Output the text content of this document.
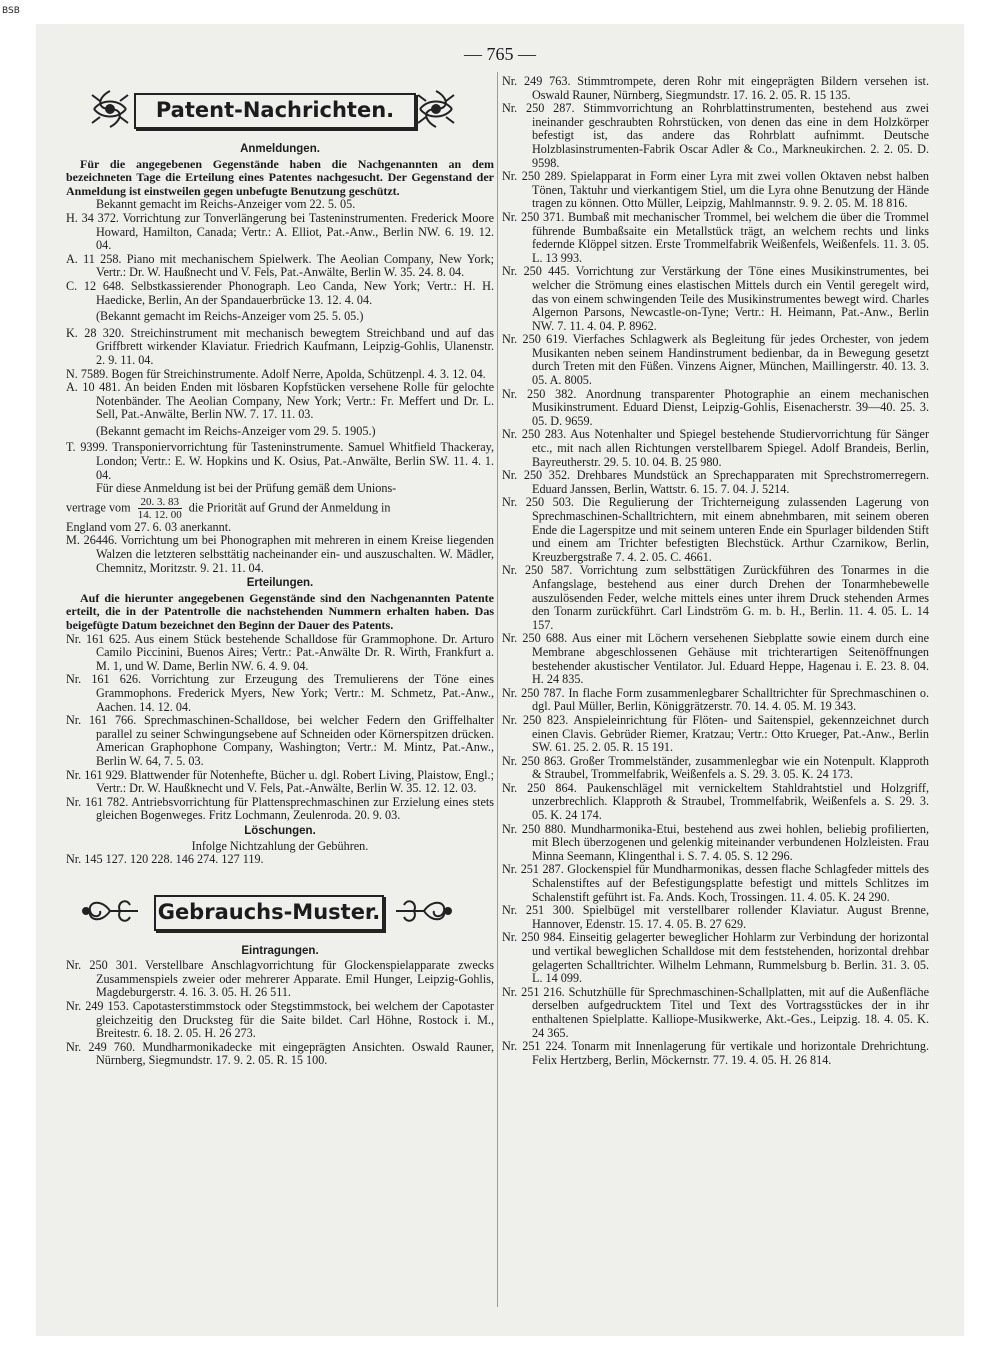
BSB
— 765 —
Patent-Nachrichten.

Anmeldungen.

Für die angegebenen Gegenstände haben die Nachgenannten an dem bezeichneten Tage die Erteilung eines Patentes nachgesucht. Der Gegenstand der Anmeldung ist einstweilen gegen unbefugte Benutzung geschützt.

Bekannt gemacht im Reichs-Anzeiger vom 22. 5. 05.

H. 34 372. Vorrichtung zur Tonverlängerung bei Tasteninstrumenten. Frederick Moore Howard, Hamilton, Canada; Vertr.: A. Elliot, Pat.-Anw., Berlin NW. 6. 19. 12. 04.

A. 11 258. Piano mit mechanischem Spielwerk. The Aeolian Company, New York; Vertr.: Dr. W. Haußnecht und V. Fels, Pat.-Anwälte, Berlin W. 35. 24. 8. 04.

C. 12 648. Selbstkassierender Phonograph. Leo Canda, New York; Vertr.: H. H. Haedicke, Berlin, An der Spandauerbrücke 13. 12. 4. 04.

(Bekannt gemacht im Reichs-Anzeiger vom 25. 5. 05.)

K. 28 320. Streichinstrument mit mechanisch bewegtem Streichband und auf das Griffbrett wirkender Klaviatur. Friedrich Kaufmann, Leipzig-Gohlis, Ulanenstr. 2. 9. 11. 04.

N. 7589. Bogen für Streichinstrumente. Adolf Nerre, Apolda, Schützenpl. 4. 3. 12. 04.

A. 10 481. An beiden Enden mit lösbaren Kopfstücken versehene Rolle für gelochte Notenbänder. The Aeolian Company, New York; Vertr.: Fr. Meffert und Dr. L. Sell, Pat.-Anwälte, Berlin NW. 7. 17. 11. 03.

(Bekannt gemacht im Reichs-Anzeiger vom 29. 5. 1905.)

T. 9399. Transponiervorrichtung für Tasteninstrumente. Samuel Whitfield Thackeray, London; Vertr.: E. W. Hopkins und K. Osius, Pat.-Anwälte, Berlin SW. 11. 4. 1. 04.

Für diese Anmeldung ist bei der Prüfung gemäß dem Unions-

vertrage vom $\frac{20. 3. 83}{14. 12. 00}$ die Priorität auf Grund der Anmeldung in

England vom 27. 6. 03 anerkannt.

M. 26446. Vorrichtung um bei Phonographen mit mehreren in einem Kreise liegenden Walzen die letzteren selbsttätig nacheinander ein- und auszuschalten. W. Mädler, Chemnitz, Moritzstr. 9. 21. 11. 04.

Erteilungen.

Auf die hierunter angegebenen Gegenstände sind den Nachgenannten Patente erteilt, die in der Patentrolle die nachstehenden Nummern erhalten haben. Das beigefügte Datum bezeichnet den Beginn der Dauer des Patents.

Nr. 161 625. Aus einem Stück bestehende Schalldose für Grammophone. Dr. Arturo Camilo Piccinini, Buenos Aires; Vertr.: Pat.-Anwälte Dr. R. Wirth, Frankfurt a. M. 1, und W. Dame, Berlin NW. 6. 4. 9. 04.

Nr. 161 626. Vorrichtung zur Erzeugung des Tremulierens der Töne eines Grammophons. Frederick Myers, New York; Vertr.: M. Schmetz, Pat.-Anw., Aachen. 14. 12. 04.

Nr. 161 766. Sprechmaschinen-Schalldose, bei welcher Federn den Griffelhalter parallel zu seiner Schwingungsebene auf Schneiden oder Körnerspitzen drücken. American Graphophone Company, Washington; Vertr.: M. Mintz, Pat.-Anw., Berlin W. 64, 7. 5. 03.

Nr. 161 929. Blattwender für Notenhefte, Bücher u. dgl. Robert Living, Plaistow, Engl.; Vertr.: Dr. W. Haußknecht und V. Fels, Pat.-Anwälte, Berlin W. 35. 12. 12. 03.

Nr. 161 782. Antriebsvorrichtung für Plattensprechmaschinen zur Erzielung eines stets gleichen Bogenweges. Fritz Lochmann, Zeulenroda. 20. 9. 03.

Löschungen.

Infolge Nichtzahlung der Gebühren.

Nr. 145 127. 120 228. 146 274. 127 119.

Gebrauchs-Muster.

Eintragungen.

Nr. 250 301. Verstellbare Anschlagvorrichtung für Glockenspielapparate zwecks Zusammenspiels zweier oder mehrerer Apparate. Emil Hunger, Leipzig-Gohlis, Magdeburgerstr. 4. 16. 3. 05. H. 26 511.

Nr. 249 153. Capotasterstimmstock oder Stegstimmstock, bei welchem der Capotaster gleichzeitig den Drucksteg für die Saite bildet. Carl Höhne, Rostock i. M., Breitestr. 6. 18. 2. 05. H. 26 273.

Nr. 249 760. Mundharmonikadecke mit eingeprägten Ansichten. Oswald Rauner, Nürnberg, Siegmundstr. 17. 9. 2. 05. R. 15 100.

Nr. 249 763. Stimmtrompete, deren Rohr mit eingeprägten Bildern versehen ist. Oswald Rauner, Nürnberg, Siegmundstr. 17. 16. 2. 05. R. 15 135.

Nr. 250 287. Stimmvorrichtung an Rohrblattinstrumenten, bestehend aus zwei ineinander geschraubten Rohrstücken, von denen das eine in dem Holzkörper befestigt ist, das andere das Rohrblatt aufnimmt. Deutsche Holzblasinstrumenten-Fabrik Oscar Adler & Co., Markneukirchen. 2. 2. 05. D. 9598.

Nr. 250 289. Spielapparat in Form einer Lyra mit zwei vollen Oktaven nebst halben Tönen, Taktuhr und vierkantigem Stiel, um die Lyra ohne Benutzung der Hände tragen zu können. Otto Müller, Leipzig, Mahlmannstr. 9. 9. 2. 05. M. 18 816.

Nr. 250 371. Bumbaß mit mechanischer Trommel, bei welchem die über die Trommel führende Bumbaßsaite ein Metallstück trägt, an welchem rechts und links federnde Klöppel sitzen. Erste Trommelfabrik Weißenfels, Weißenfels. 11. 3. 05. L. 13 993.

Nr. 250 445. Vorrichtung zur Verstärkung der Töne eines Musikinstrumentes, bei welcher die Strömung eines elastischen Mittels durch ein Ventil geregelt wird, das von einem schwingenden Teile des Musikinstrumentes bewegt wird. Charles Algernon Parsons, Newcastle-on-Tyne; Vertr.: H. Heimann, Pat.-Anw., Berlin NW. 7. 11. 4. 04. P. 8962.

Nr. 250 619. Vierfaches Schlagwerk als Begleitung für jedes Orchester, von jedem Musikanten neben seinem Handinstrument bedienbar, da in Bewegung gesetzt durch Treten mit den Füßen. Vinzens Aigner, München, Maillingerstr. 40. 13. 3. 05. A. 8005.

Nr. 250 382. Anordnung transparenter Photographie an einem mechanischen Musikinstrument. Eduard Dienst, Leipzig-Gohlis, Eisenacherstr. 39—40. 25. 3. 05. D. 9659.

Nr. 250 283. Aus Notenhalter und Spiegel bestehende Studiervorrichtung für Sänger etc., mit nach allen Richtungen verstellbarem Spiegel. Adolf Brandeis, Berlin, Bayreutherstr. 29. 5. 10. 04. B. 25 980.

Nr. 250 352. Drehbares Mundstück an Sprechapparaten mit Sprechstromerregern. Eduard Janssen, Berlin, Wattstr. 6. 15. 7. 04. J. 5214.

Nr. 250 503. Die Regulierung der Trichterneigung zulassenden Lagerung von Sprechmaschinen-Schalltrichtern, mit einem abnehmbaren, mit seinem oberen Ende die Lagerspitze und mit seinem unteren Ende ein Spurlager bildenden Stift und einem am Trichter befestigten Blechstück. Arthur Czarnikow, Berlin, Kreuzbergstraße 7. 4. 2. 05. C. 4661.

Nr. 250 587. Vorrichtung zum selbsttätigen Zurückführen des Tonarmes in die Anfangslage, bestehend aus einer durch Drehen der Tonarmhebewelle auszulösenden Feder, welche mittels eines unter ihrem Druck stehenden Armes den Tonarm zurückführt. Carl Lindström G. m. b. H., Berlin. 11. 4. 05. L. 14 157.

Nr. 250 688. Aus einer mit Löchern versehenen Siebplatte sowie einem durch eine Membrane abgeschlossenen Gehäuse mit trichterartigen Seitenöffnungen bestehender akustischer Ventilator. Jul. Eduard Heppe, Hagenau i. E. 23. 8. 04. H. 24 835.

Nr. 250 787. In flache Form zusammenlegbarer Schalltrichter für Sprechmaschinen o. dgl. Paul Müller, Berlin, Königgrätzerstr. 70. 14. 4. 05. M. 19 343.

Nr. 250 823. Anspieleinrichtung für Flöten- und Saitenspiel, gekennzeichnet durch einen Clavis. Gebrüder Riemer, Kratzau; Vertr.: Otto Krueger, Pat.-Anw., Berlin SW. 61. 25. 2. 05. R. 15 191.

Nr. 250 863. Großer Trommelständer, zusammenlegbar wie ein Notenpult. Klapproth & Straubel, Trommelfabrik, Weißenfels a. S. 29. 3. 05. K. 24 173.

Nr. 250 864. Paukenschlägel mit vernickeltem Stahldrahtstiel und Holzgriff, unzerbrechlich. Klapproth & Straubel, Trommelfabrik, Weißenfels a. S. 29. 3. 05. K. 24 174.

Nr. 250 880. Mundharmonika-Etui, bestehend aus zwei hohlen, beliebig profilierten, mit Blech überzogenen und gelenkig miteinander verbundenen Holzleisten. Frau Minna Seemann, Klingenthal i. S. 7. 4. 05. S. 12 296.

Nr. 251 287. Glockenspiel für Mundharmonikas, dessen flache Schlagfeder mittels des Schalenstiftes auf der Befestigungsplatte befestigt und mittels Schlitzes im Schalenstift geführt ist. Fa. Ands. Koch, Trossingen. 11. 4. 05. K. 24 290.

Nr. 251 300. Spielbügel mit verstellbarer rollender Klaviatur. August Brenne, Hannover, Edenstr. 15. 17. 4. 05. B. 27 629.

Nr. 250 984. Einseitig gelagerter beweglicher Hohlarm zur Verbindung der horizontal und vertikal beweglichen Schalldose mit dem feststehenden, horizontal drehbar gelagerten Schalltrichter. Wilhelm Lehmann, Rummelsburg b. Berlin. 31. 3. 05. L. 14 099.

Nr. 251 216. Schutzhülle für Sprechmaschinen-Schallplatten, mit auf die Außenfläche derselben aufgedrucktem Titel und Text des Vortragsstückes der in ihr enthaltenen Spielplatte. Kalliope-Musikwerke, Akt.-Ges., Leipzig. 18. 4. 05. K. 24 365.

Nr. 251 224. Tonarm mit Innenlagerung für vertikale und horizontale Drehrichtung. Felix Hertzberg, Berlin, Möckernstr. 77. 19. 4. 05. H. 26 814.
